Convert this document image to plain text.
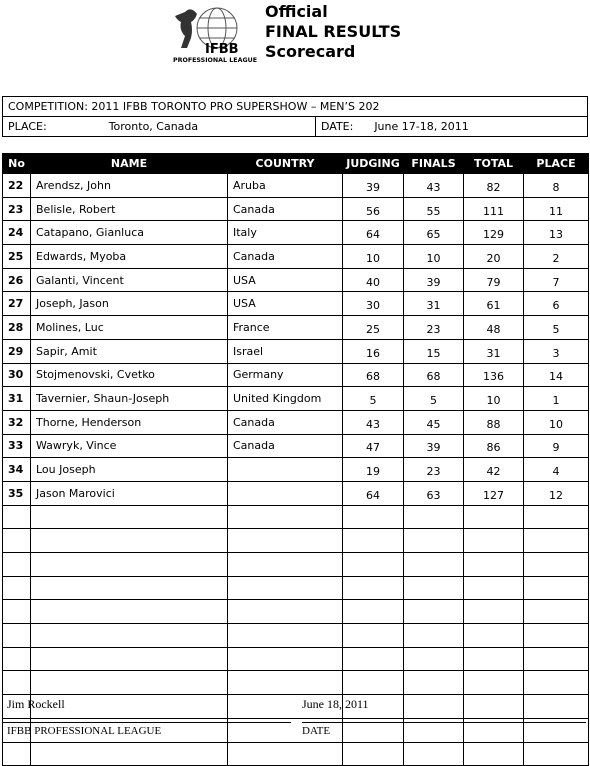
IFBB
PROFESSIONAL LEAGUE
Official
FINAL RESULTS
Scorecard
COMPETITION: 2011 IFBB TORONTO PRO SUPERSHOW – MEN’S 202
PLACE:	Toronto, Canada	DATE: June 17-18, 2011
No	NAME	COUNTRY	JUDGING	FINALS	TOTAL	PLACE
22	Arendsz, John	Aruba	39	43	82	8
23	Belisle, Robert	Canada	56	55	111	11
24	Catapano, Gianluca	Italy	64	65	129	13
25	Edwards, Myoba	Canada	10	10	20	2
26	Galanti, Vincent	USA	40	39	79	7
27	Joseph, Jason	USA	30	31	61	6
28	Molines, Luc	France	25	23	48	5
29	Sapir, Amit	Israel	16	15	31	3
30	Stojmenovski, Cvetko	Germany	68	68	136	14
31	Tavernier, Shaun-Joseph	United Kingdom	5	5	10	1
32	Thorne, Henderson	Canada	43	45	88	10
33	Wawryk, Vince	Canada	47	39	86	9
34	Lou Joseph		19	23	42	4
35	Jason Marovici		64	63	127	12

Jim Rockell
IFBB PROFESSIONAL LEAGUE
June 18, 2011
DATE
